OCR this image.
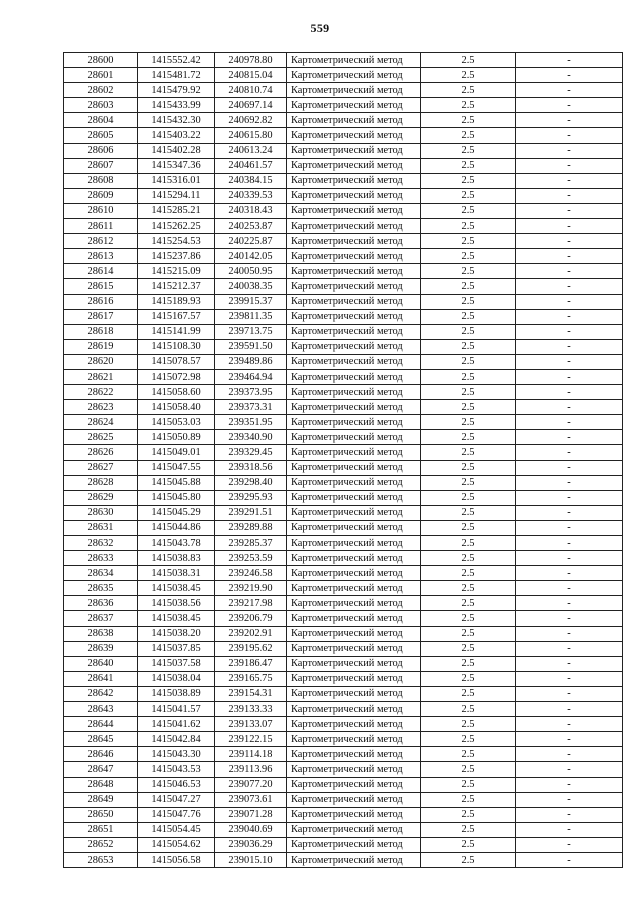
559
28600	1415552.42	240978.80	Картометрический метод	2.5	-
28601	1415481.72	240815.04	Картометрический метод	2.5	-
28602	1415479.92	240810.74	Картометрический метод	2.5	-
28603	1415433.99	240697.14	Картометрический метод	2.5	-
28604	1415432.30	240692.82	Картометрический метод	2.5	-
28605	1415403.22	240615.80	Картометрический метод	2.5	-
28606	1415402.28	240613.24	Картометрический метод	2.5	-
28607	1415347.36	240461.57	Картометрический метод	2.5	-
28608	1415316.01	240384.15	Картометрический метод	2.5	-
28609	1415294.11	240339.53	Картометрический метод	2.5	-
28610	1415285.21	240318.43	Картометрический метод	2.5	-
28611	1415262.25	240253.87	Картометрический метод	2.5	-
28612	1415254.53	240225.87	Картометрический метод	2.5	-
28613	1415237.86	240142.05	Картометрический метод	2.5	-
28614	1415215.09	240050.95	Картометрический метод	2.5	-
28615	1415212.37	240038.35	Картометрический метод	2.5	-
28616	1415189.93	239915.37	Картометрический метод	2.5	-
28617	1415167.57	239811.35	Картометрический метод	2.5	-
28618	1415141.99	239713.75	Картометрический метод	2.5	-
28619	1415108.30	239591.50	Картометрический метод	2.5	-
28620	1415078.57	239489.86	Картометрический метод	2.5	-
28621	1415072.98	239464.94	Картометрический метод	2.5	-
28622	1415058.60	239373.95	Картометрический метод	2.5	-
28623	1415058.40	239373.31	Картометрический метод	2.5	-
28624	1415053.03	239351.95	Картометрический метод	2.5	-
28625	1415050.89	239340.90	Картометрический метод	2.5	-
28626	1415049.01	239329.45	Картометрический метод	2.5	-
28627	1415047.55	239318.56	Картометрический метод	2.5	-
28628	1415045.88	239298.40	Картометрический метод	2.5	-
28629	1415045.80	239295.93	Картометрический метод	2.5	-
28630	1415045.29	239291.51	Картометрический метод	2.5	-
28631	1415044.86	239289.88	Картометрический метод	2.5	-
28632	1415043.78	239285.37	Картометрический метод	2.5	-
28633	1415038.83	239253.59	Картометрический метод	2.5	-
28634	1415038.31	239246.58	Картометрический метод	2.5	-
28635	1415038.45	239219.90	Картометрический метод	2.5	-
28636	1415038.56	239217.98	Картометрический метод	2.5	-
28637	1415038.45	239206.79	Картометрический метод	2.5	-
28638	1415038.20	239202.91	Картометрический метод	2.5	-
28639	1415037.85	239195.62	Картометрический метод	2.5	-
28640	1415037.58	239186.47	Картометрический метод	2.5	-
28641	1415038.04	239165.75	Картометрический метод	2.5	-
28642	1415038.89	239154.31	Картометрический метод	2.5	-
28643	1415041.57	239133.33	Картометрический метод	2.5	-
28644	1415041.62	239133.07	Картометрический метод	2.5	-
28645	1415042.84	239122.15	Картометрический метод	2.5	-
28646	1415043.30	239114.18	Картометрический метод	2.5	-
28647	1415043.53	239113.96	Картометрический метод	2.5	-
28648	1415046.53	239077.20	Картометрический метод	2.5	-
28649	1415047.27	239073.61	Картометрический метод	2.5	-
28650	1415047.76	239071.28	Картометрический метод	2.5	-
28651	1415054.45	239040.69	Картометрический метод	2.5	-
28652	1415054.62	239036.29	Картометрический метод	2.5	-
28653	1415056.58	239015.10	Картометрический метод	2.5	-
